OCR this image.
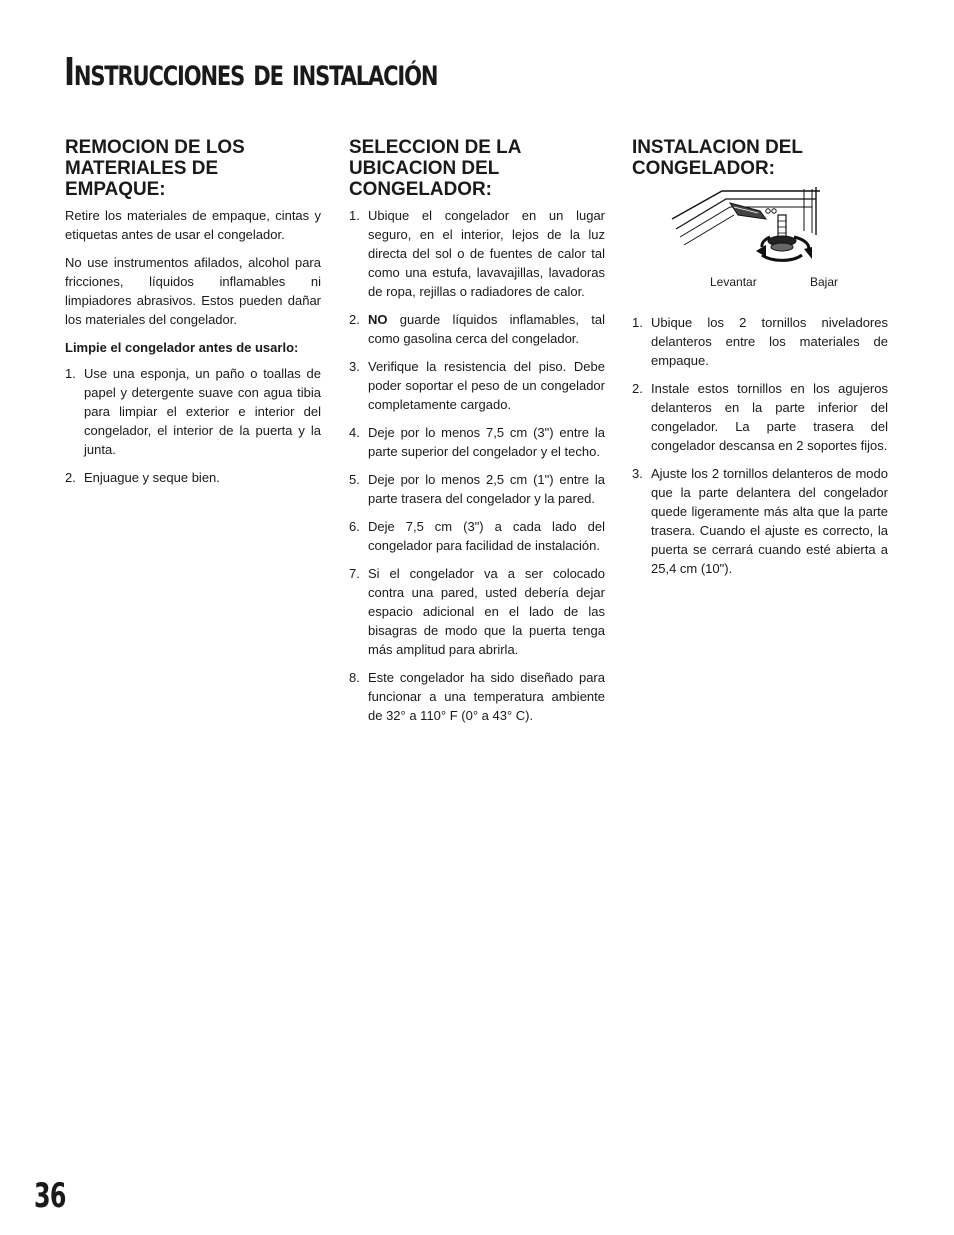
Instrucciones de instalación
REMOCION DE LOS MATERIALES DE EMPAQUE:

Retire los materiales de empaque, cintas y etiquetas antes de usar el congelador.

No use instrumentos afilados, alcohol para fricciones, líquidos inflamables ni limpiadores abrasivos. Estos pueden dañar los materiales del congelador.

Limpie el congelador antes de usarlo:

1. Use una esponja, un paño o toallas de papel y detergente suave con agua tibia para limpiar el exterior e interior del congelador, el interior de la puerta y la junta.
2. Enjuague y seque bien.
SELECCION DE LA UBICACION DEL CONGELADOR:
1. Ubique el congelador en un lugar seguro, en el interior, lejos de la luz directa del sol o de fuentes de calor tal como una estufa, lavavajillas, lavadoras de ropa, rejillas o radiadores de calor.
2. NO guarde líquidos inflamables, tal como gasolina cerca del congelador.
3. Verifique la resistencia del piso. Debe poder soportar el peso de un congelador completamente cargado.
4. Deje por lo menos 7,5 cm (3") entre la parte superior del congelador y el techo.
5. Deje por lo menos 2,5 cm (1") entre la parte trasera del congelador y la pared.
6. Deje 7,5 cm (3") a cada lado del congelador para facilidad de instalación.
7. Si el congelador va a ser colocado contra una pared, usted debería dejar espacio adicional en el lado de las bisagras de modo que la puerta tenga más amplitud para abrirla.
8. Este congelador ha sido diseñado para funcionar a una temperatura ambiente de 32° a 110° F (0° a 43° C).
INSTALACION DEL CONGELADOR:
Levantar	Bajar
1. Ubique los 2 tornillos niveladores delanteros entre los materiales de empaque.
2. Instale estos tornillos en los agujeros delanteros en la parte inferior del congelador. La parte trasera del congelador descansa en 2 soportes fijos.
3. Ajuste los 2 tornillos delanteros de modo que la parte delantera del congelador quede ligeramente más alta que la parte trasera. Cuando el ajuste es correcto, la puerta se cerrará cuando esté abierta a 25,4 cm (10").
36
